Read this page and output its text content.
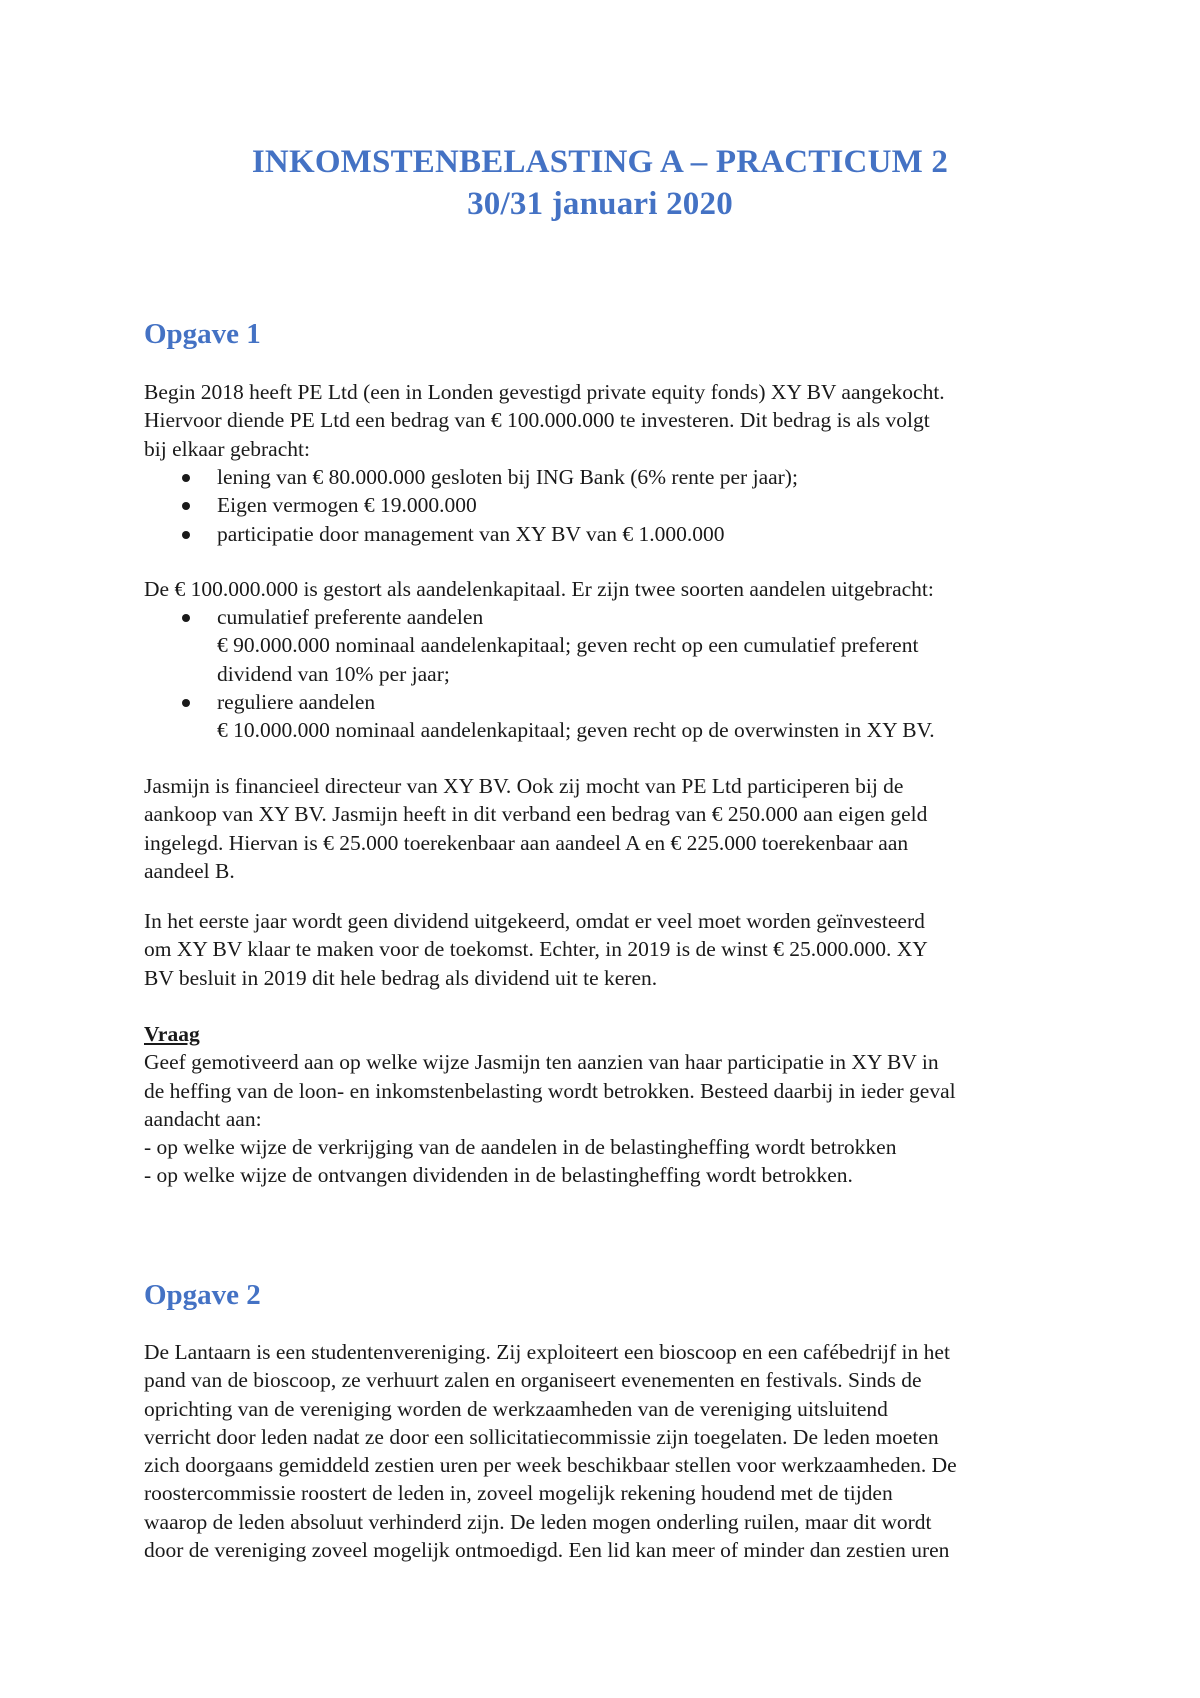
INKOMSTENBELASTING A – PRACTICUM 2
30/31 januari 2020
Opgave 1
Begin 2018 heeft PE Ltd (een in Londen gevestigd private equity fonds) XY BV aangekocht.
Hiervoor diende PE Ltd een bedrag van € 100.000.000 te investeren. Dit bedrag is als volgt
bij elkaar gebracht:
lening van € 80.000.000 gesloten bij ING Bank (6% rente per jaar);
Eigen vermogen € 19.000.000
participatie door management van XY BV van € 1.000.000
De € 100.000.000 is gestort als aandelenkapitaal. Er zijn twee soorten aandelen uitgebracht:
cumulatief preferente aandelen
€ 90.000.000 nominaal aandelenkapitaal; geven recht op een cumulatief preferent
dividend van 10% per jaar;
reguliere aandelen
€ 10.000.000 nominaal aandelenkapitaal; geven recht op de overwinsten in XY BV.
Jasmijn is financieel directeur van XY BV. Ook zij mocht van PE Ltd participeren bij de
aankoop van XY BV. Jasmijn heeft in dit verband een bedrag van € 250.000 aan eigen geld
ingelegd. Hiervan is € 25.000 toerekenbaar aan aandeel A en € 225.000 toerekenbaar aan
aandeel B.
In het eerste jaar wordt geen dividend uitgekeerd, omdat er veel moet worden geïnvesteerd
om XY BV klaar te maken voor de toekomst. Echter, in 2019 is de winst € 25.000.000. XY
BV besluit in 2019 dit hele bedrag als dividend uit te keren.
Vraag
Geef gemotiveerd aan op welke wijze Jasmijn ten aanzien van haar participatie in XY BV in
de heffing van de loon- en inkomstenbelasting wordt betrokken. Besteed daarbij in ieder geval
aandacht aan:
- op welke wijze de verkrijging van de aandelen in de belastingheffing wordt betrokken
- op welke wijze de ontvangen dividenden in de belastingheffing wordt betrokken.
Opgave 2
De Lantaarn is een studentenvereniging. Zij exploiteert een bioscoop en een cafébedrijf in het
pand van de bioscoop, ze verhuurt zalen en organiseert evenementen en festivals. Sinds de
oprichting van de vereniging worden de werkzaamheden van de vereniging uitsluitend
verricht door leden nadat ze door een sollicitatiecommissie zijn toegelaten. De leden moeten
zich doorgaans gemiddeld zestien uren per week beschikbaar stellen voor werkzaamheden. De
roostercommissie roostert de leden in, zoveel mogelijk rekening houdend met de tijden
waarop de leden absoluut verhinderd zijn. De leden mogen onderling ruilen, maar dit wordt
door de vereniging zoveel mogelijk ontmoedigd. Een lid kan meer of minder dan zestien uren
